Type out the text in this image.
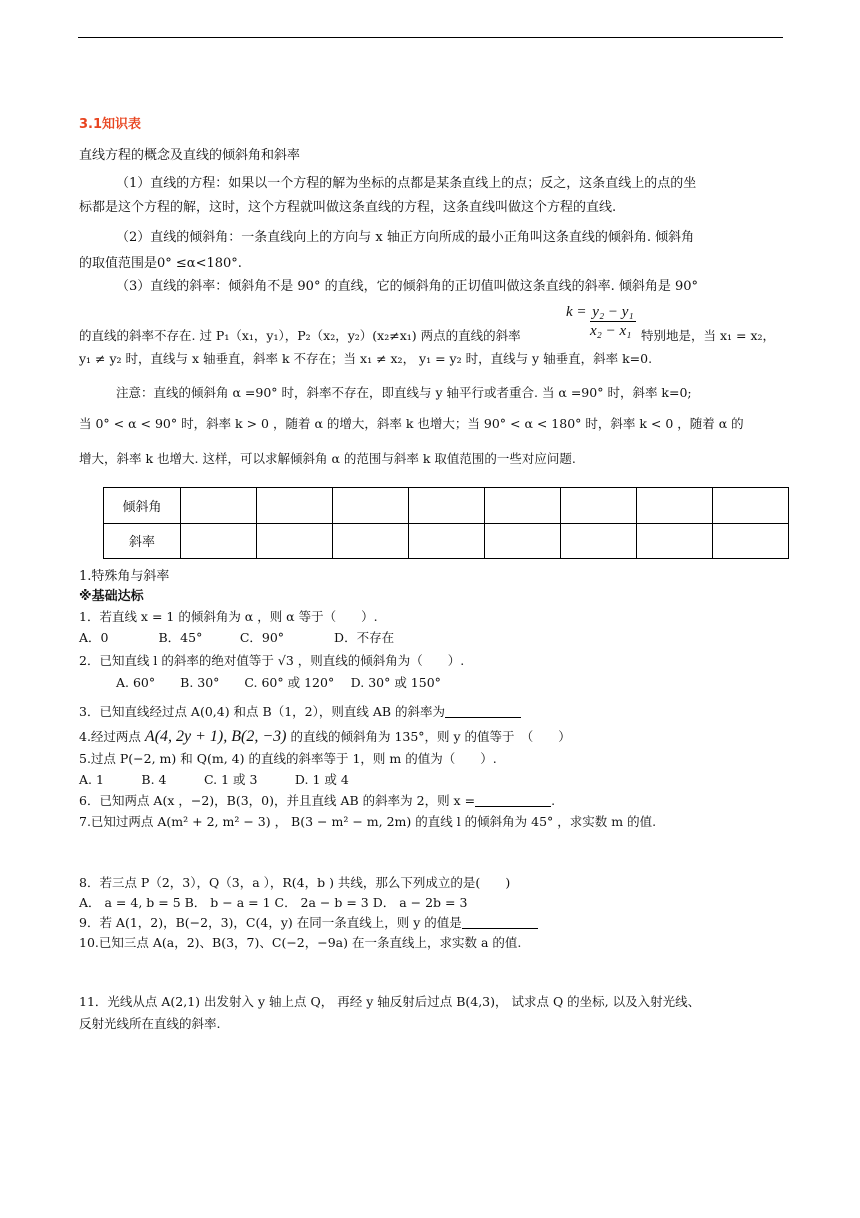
3.1知识表
直线方程的概念及直线的倾斜角和斜率
（1）直线的方程：如果以一个方程的解为坐标的点都是某条直线上的点；反之，这条直线上的点的坐
标都是这个方程的解，这时，这个方程就叫做这条直线的方程，这条直线叫做这个方程的直线.
（2）直线的倾斜角：一条直线向上的方向与 x 轴正方向所成的最小正角叫这条直线的倾斜角. 倾斜角
的取值范围是0° ≤α<180°.
（3）直线的斜率：倾斜角不是 90° 的直线，它的倾斜角的正切值叫做这条直线的斜率. 倾斜角是 90°
k = y₂ − y₁
x₂ − x₁
的直线的斜率不存在. 过 P₁（x₁，y₁），P₂（x₂，y₂）(x₂≠x₁) 两点的直线的斜率	特别地是，当 x₁ = x₂，
y₁ ≠ y₂ 时，直线与 x 轴垂直，斜率 k 不存在；当 x₁ ≠ x₂， y₁ = y₂ 时，直线与 y 轴垂直，斜率 k=0.
注意：直线的倾斜角 α =90° 时，斜率不存在，即直线与 y 轴平行或者重合. 当 α =90° 时，斜率 k=0;
当 0° < α < 90° 时，斜率 k > 0 ，随着 α 的增大，斜率 k 也增大；当 90° < α < 180° 时，斜率 k < 0 ，随着 α 的
增大，斜率 k 也增大. 这样，可以求解倾斜角 α 的范围与斜率 k 取值范围的一些对应问题.
倾斜角								
斜率								
1.特殊角与斜率
※基础达标
1．若直线 x = 1 的倾斜角为 α ，则 α 等于（　　）.
A．0　　　　B．45°　　　C．90°　　　　D．不存在
2．已知直线 l 的斜率的绝对值等于 √3 ，则直线的倾斜角为（　　）.
A. 60°　　B. 30°　　C. 60° 或 120°　 D. 30° 或 150°
3．已知直线经过点 A(0,4) 和点 B（1，2），则直线 AB 的斜率为
4.经过两点 A(4, 2y + 1), B(2, −3) 的直线的倾斜角为 135°，则 y 的值等于　（　　）
5.过点 P(−2, m) 和 Q(m, 4) 的直线的斜率等于 1，则 m 的值为（　　）.
A. 1　　　B. 4　　　C. 1 或 3　　　D. 1 或 4
6．已知两点 A(x ，−2)，B(3，0)，并且直线 AB 的斜率为 2，则 x =	.
7.已知过两点 A(m² + 2, m² − 3) ， B(3 − m² − m, 2m) 的直线 l 的倾斜角为 45° ，求实数 m 的值.
8．若三点 P（2，3），Q（3，a ），R(4，b ) 共线，那么下列成立的是(　　)
A． a = 4, b = 5 B． b − a = 1 C． 2a − b = 3 D． a − 2b = 3
9．若 A(1，2)，B(−2，3)，C(4，y) 在同一条直线上，则 y 的值是
10.已知三点 A(a，2)、B(3，7)、C(−2，−9a) 在一条直线上，求实数 a 的值.
11．光线从点 A(2,1) 出发射入 y 轴上点 Q， 再经 y 轴反射后过点 B(4,3)， 试求点 Q 的坐标, 以及入射光线、
反射光线所在直线的斜率.
